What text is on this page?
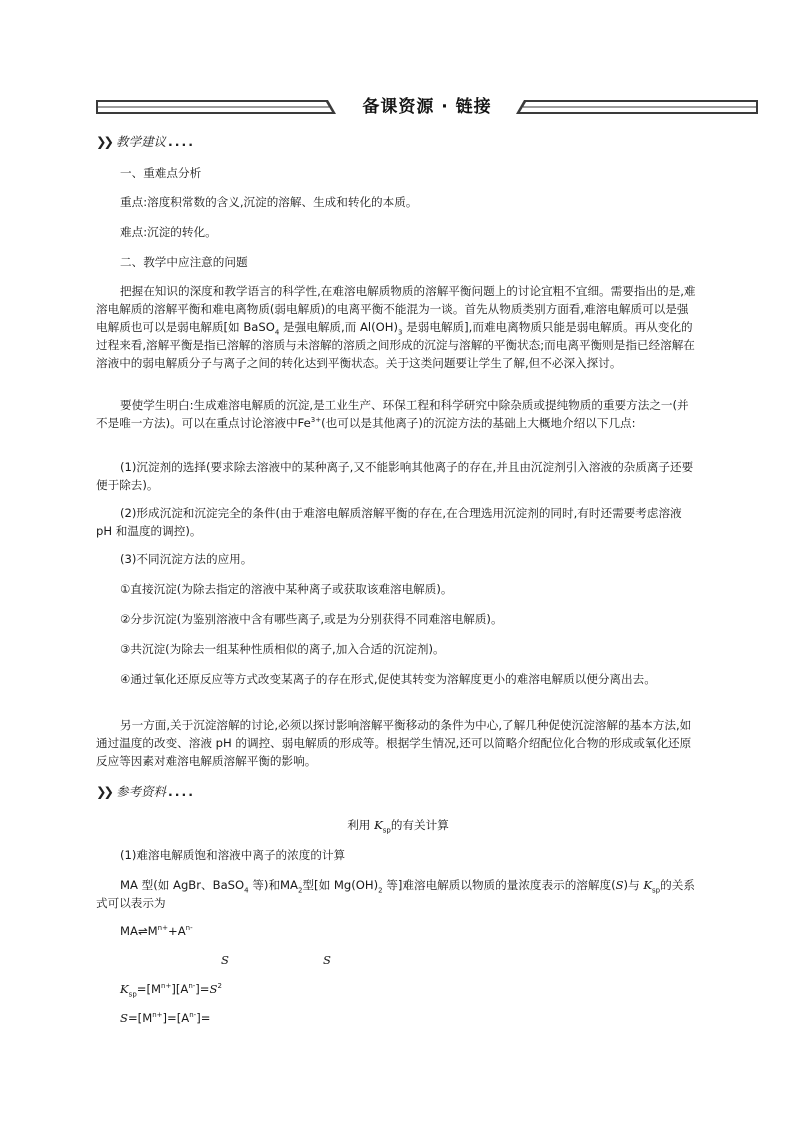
备课资源 · 链接
❯❯ 教学建议 ....
一、重难点分析
重点:溶度积常数的含义,沉淀的溶解、生成和转化的本质。
难点:沉淀的转化。
二、教学中应注意的问题
把握在知识的深度和教学语言的科学性,在难溶电解质物质的溶解平衡问题上的讨论宜粗不宜细。需要指出的是,难溶电解质的溶解平衡和难电离物质(弱电解质)的电离平衡不能混为一谈。首先从物质类别方面看,难溶电解质可以是强电解质也可以是弱电解质[如 BaSO$_4$ 是强电解质,而 $Al(OH)_3$ 是弱电解质],而难电离物质只能是弱电解质。再从变化的过程来看,溶解平衡是指已溶解的溶质与未溶解的溶质之间形成的沉淀与溶解的平衡状态;而电离平衡则是指已经溶解在溶液中的弱电解质分子与离子之间的转化达到平衡状态。关于这类问题要让学生了解,但不必深入探讨。
要使学生明白:生成难溶电解质的沉淀,是工业生产、环保工程和科学研究中除杂质或提纯物质的重要方法之一(并不是唯一方法)。可以在重点讨论溶液中$Fe^{3+}$(也可以是其他离子)的沉淀方法的基础上大概地介绍以下几点:
(1)沉淀剂的选择(要求除去溶液中的某种离子,又不能影响其他离子的存在,并且由沉淀剂引入溶液的杂质离子还要便于除去)。
(2)形成沉淀和沉淀完全的条件(由于难溶电解质溶解平衡的存在,在合理选用沉淀剂的同时,有时还需要考虑溶液 pH 和温度的调控)。
(3)不同沉淀方法的应用。
①直接沉淀(为除去指定的溶液中某种离子或获取该难溶电解质)。
②分步沉淀(为鉴别溶液中含有哪些离子,或是为分别获得不同难溶电解质)。
③共沉淀(为除去一组某种性质相似的离子,加入合适的沉淀剂)。
④通过氧化还原反应等方式改变某离子的存在形式,促使其转变为溶解度更小的难溶电解质以便分离出去。
另一方面,关于沉淀溶解的讨论,必须以探讨影响溶解平衡移动的条件为中心,了解几种促使沉淀溶解的基本方法,如通过温度的改变、溶液 pH 的调控、弱电解质的形成等。根据学生情况,还可以简略介绍配位化合物的形成或氧化还原反应等因素对难溶电解质溶解平衡的影响。
❯❯ 参考资料 ....
利用 $K_{sp}$的有关计算
(1)难溶电解质饱和溶液中离子的浓度的计算
MA 型(如 AgBr、BaSO$_4$ 等)和$MA_2$型[如 $Mg(OH)_2$ 等]难溶电解质以物质的量浓度表示的溶解度(S)与 $K_{sp}$的关系式可以表示为
$MA\rightleftharpoons M^{n+}+A^{n-}$
S	S
$K_{sp}=[M^{n+}][A^{n-}]=S^2$
$S=[M^{n+}]=[A^{n-}]=$
